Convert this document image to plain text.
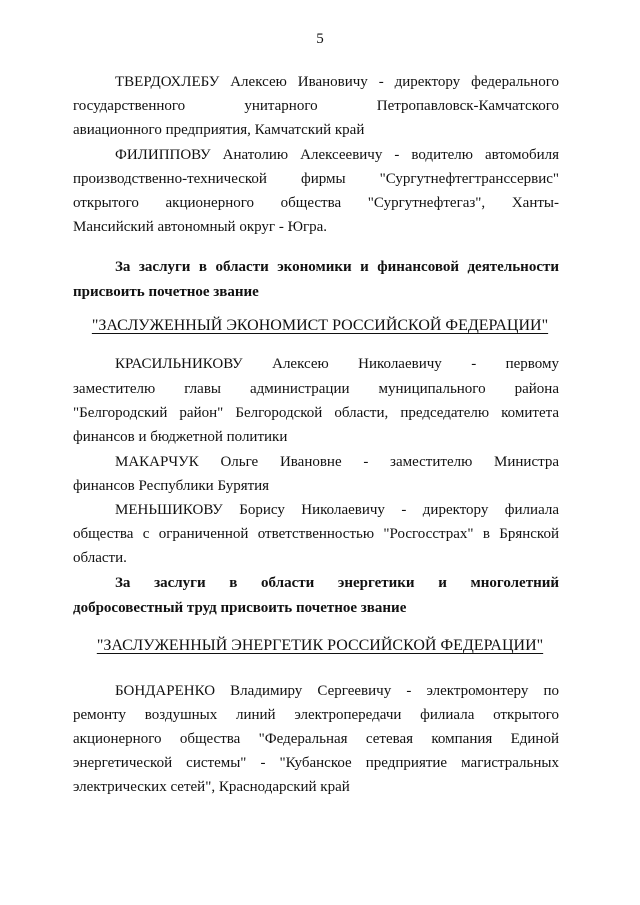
5
ТВЕРДОХЛЕБУ Алексею Ивановичу - директору федерального
государственного унитарного Петропавловск-Камчатского
авиационного предприятия, Камчатский край
ФИЛИППОВУ Анатолию Алексеевичу - водителю автомобиля
производственно-технической фирмы "Сургутнефтегтранссервис"
открытого акционерного общества "Сургутнефтегаз", Ханты-
Мансийский автономный округ - Югра.
За заслуги в области экономики и финансовой деятельности
присвоить почетное звание
"ЗАСЛУЖЕННЫЙ ЭКОНОМИСТ РОССИЙСКОЙ ФЕДЕРАЦИИ"
КРАСИЛЬНИКОВУ Алексею Николаевичу - первому
заместителю главы администрации муниципального района
"Белгородский район" Белгородской области, председателю комитета
финансов и бюджетной политики
МАКАРЧУК Ольге Ивановне - заместителю Министра
финансов Республики Бурятия
МЕНЬШИКОВУ Борису Николаевичу - директору филиала
общества с ограниченной ответственностью "Росгосстрах" в Брянской
области.
За заслуги в области энергетики и многолетний
добросовестный труд присвоить почетное звание
"ЗАСЛУЖЕННЫЙ ЭНЕРГЕТИК РОССИЙСКОЙ ФЕДЕРАЦИИ"
БОНДАРЕНКО Владимиру Сергеевичу - электромонтеру по
ремонту воздушных линий электропередачи филиала открытого
акционерного общества "Федеральная сетевая компания Единой
энергетической системы" - "Кубанское предприятие магистральных
электрических сетей", Краснодарский край
